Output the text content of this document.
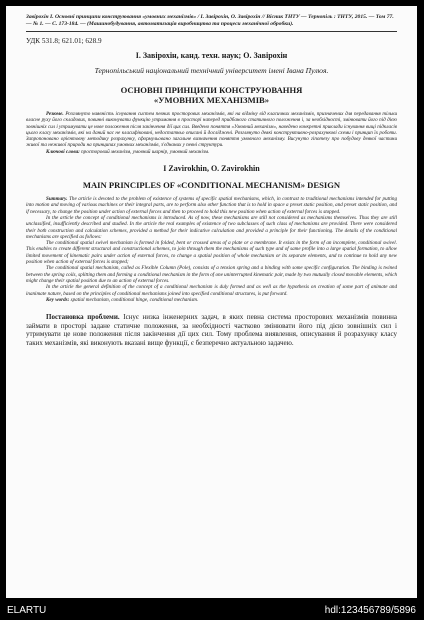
Завірохін І. Основні принципи конструювання «умовних механізмів» / І. Завірохін, О. Завірохін // Вісник ТНТУ — Тернопіль : ТНТУ, 2015. — Том 77. — № 1. — С. 173-184. — (Машинобудування, автоматизація виробництва та процеси механічної обробки).
УДК 531.8; 621.01; 628.9
І. Завірохін, канд. техн. наук; О. Завірохін
Тернопільський національний технічний університет імені Івана Пулюя.
ОСНОВНІ ПРИНЦИПИ КОНСТРУЮВАННЯ
«УМОВНИХ МЕХАНІЗМІВ»
Резюме. Розглянуто наявність існування систем певних просторових механізмів, які на відміну від класичних механізмів, призначених для передавання тільки власне руху його складових, повинні виконувати функцію утримання в просторі наперед придбаного статичного положення і, за необхідності, змінювати його під дією зовнішніх сил і утримувати це нове положення після закінчення дії цих сил. Введено поняття «Умовний механізм», наведено конкретні приклади існування вищі підкласів цього класу механізмів, які на даний час не класифіковані, недостатньо описані й досліджені. Розглянуто деякі конструктивно-розрахункові схеми і принцип їх роботи. Запропоновано орієнтовну методику розрахунку, сформульовано загальне визначення поняття умовного механізму. Висунуто гіпотезу про побудову деякої частини живої та неживої природи на принципах умовних механізмів, з'єднаних у певні структури.
Ключові слова: просторовий механізм, умовний шарнір, умовний механізм.
I Zavirokhin, O. Zavirokhin
MAIN PRINCIPLES OF «CONDITIONAL MECHANISM» DESIGN

Summary. The article is devoted to the problem of existence of systems of specific spatial mechanisms, which, in contrast to traditional mechanisms intended for putting into motion and moving of various machines or their integral parts, are to perform also other function that is to hold in space a preset static position, and preset static position, and if necessary, to change the position under action of external forces and then to proceed to hold this new position when action of external forces is stopped.

In the article the concept of conditional mechanisms is introduced. As of now, these mechanisms are still not considered as mechanisms themselves. Thus they are still unclassified, insufficiently described and studied. In the article the real examples of existence of two subclasses of such class of mechanisms are provided. There were considered their both construction and calculation schemes, provided a method for their indicative calculation and provided a principle for their functioning. The details of the conditional mechanisms are specified as follows:

The conditional spatial swivel mechanism is formed in folded, bent or crossed areas of a plate or a membrane. It exists in the form of an incomplete, conditional swivel. This enables to create different structural and constructional schemes, to join through them the mechanisms of such type and of same profile into a large spatial formation, to allow limited movement of kinematic pairs under action of external forces, to change a spatial position of whole mechanism or its separate elements, and to continue to hold any new position when action of external forces is stopped;

The conditional spatial mechanism, called as Flexible Column (Pole), consists of a tension spring and a binding with some specific configuration. The binding is twined between the spring coils, splitting them and forming a conditional mechanism in the form of one uninterrupted kinematic pair, made by two mutually closed movable elements, which might change their spatial position due to an action of external forces.

In the article the general definition of the concept of a conditional mechanism is duly formed and as well as the hypothesis on creation of some part of animate and inanimate nature, based on the principles of conditional mechanisms joined into specified conditional structures, is put forward.

Key words: spatial mechanism, conditional hinge, conditional mechanism.

Постановка проблеми. Існує низка інженерних задач, в яких певна система просторових механізмів повинна займати в просторі задане статичне положення, за необхідності частково змінювати його під дією зовнішніх сил і утримувати це нове положення після закінчення дії цих сил. Тому проблема виявлення, описування й розрахунку класу таких механізмів, які виконують вказані вище функції, є безперечно актуальною задачею.
ELARTU	hdl:123456789/5896
